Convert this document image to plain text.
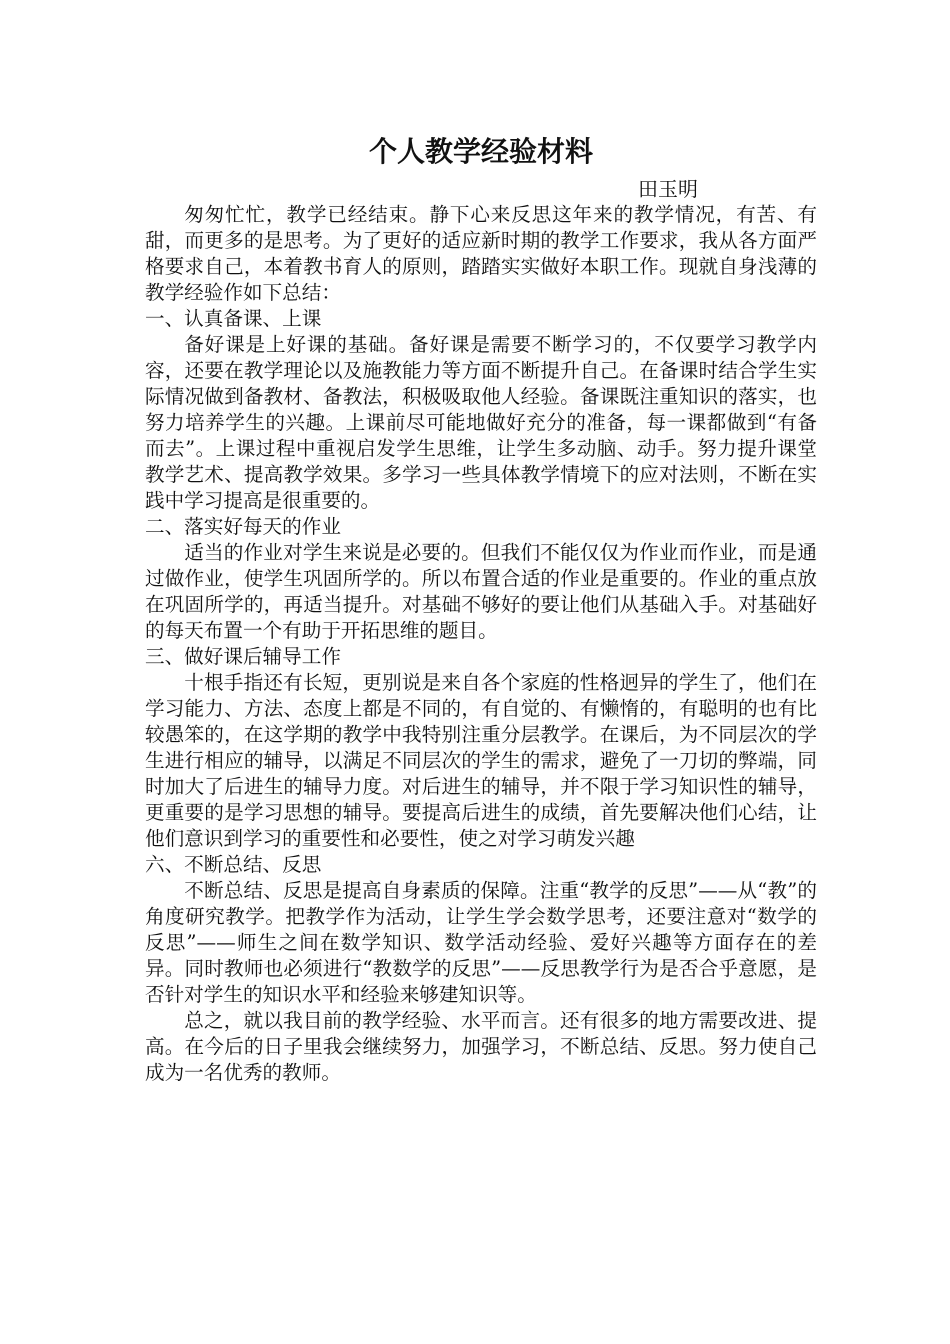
个人教学经验材料

田玉明

匆匆忙忙，教学已经结束。静下心来反思这年来的教学情况，有苦、有甜，而更多的是思考。为了更好的适应新时期的教学工作要求，我从各方面严格要求自己，本着教书育人的原则，踏踏实实做好本职工作。现就自身浅薄的教学经验作如下总结：

一、认真备课、上课

备好课是上好课的基础。备好课是需要不断学习的，不仅要学习教学内容，还要在教学理论以及施教能力等方面不断提升自己。在备课时结合学生实际情况做到备教材、备教法，积极吸取他人经验。备课既注重知识的落实，也努力培养学生的兴趣。上课前尽可能地做好充分的准备，每一课都做到“有备而去”。上课过程中重视启发学生思维，让学生多动脑、动手。努力提升课堂教学艺术、提高教学效果。多学习一些具体教学情境下的应对法则，不断在实践中学习提高是很重要的。

二、落实好每天的作业

适当的作业对学生来说是必要的。但我们不能仅仅为作业而作业，而是通过做作业，使学生巩固所学的。所以布置合适的作业是重要的。作业的重点放在巩固所学的，再适当提升。对基础不够好的要让他们从基础入手。对基础好的每天布置一个有助于开拓思维的题目。

三、做好课后辅导工作

十根手指还有长短，更别说是来自各个家庭的性格迥异的学生了，他们在学习能力、方法、态度上都是不同的，有自觉的、有懒惰的，有聪明的也有比较愚笨的，在这学期的教学中我特别注重分层教学。在课后，为不同层次的学生进行相应的辅导，以满足不同层次的学生的需求，避免了一刀切的弊端，同时加大了后进生的辅导力度。对后进生的辅导，并不限于学习知识性的辅导，更重要的是学习思想的辅导。要提高后进生的成绩，首先要解决他们心结，让他们意识到学习的重要性和必要性，使之对学习萌发兴趣

六、不断总结、反思

不断总结、反思是提高自身素质的保障。注重“教学的反思”——从“教”的角度研究教学。把教学作为活动，让学生学会数学思考，还要注意对“数学的反思”——师生之间在数学知识、数学活动经验、爱好兴趣等方面存在的差异。同时教师也必须进行“教数学的反思”——反思教学行为是否合乎意愿，是否针对学生的知识水平和经验来够建知识等。

总之，就以我目前的教学经验、水平而言。还有很多的地方需要改进、提高。在今后的日子里我会继续努力，加强学习，不断总结、反思。努力使自己成为一名优秀的教师。
